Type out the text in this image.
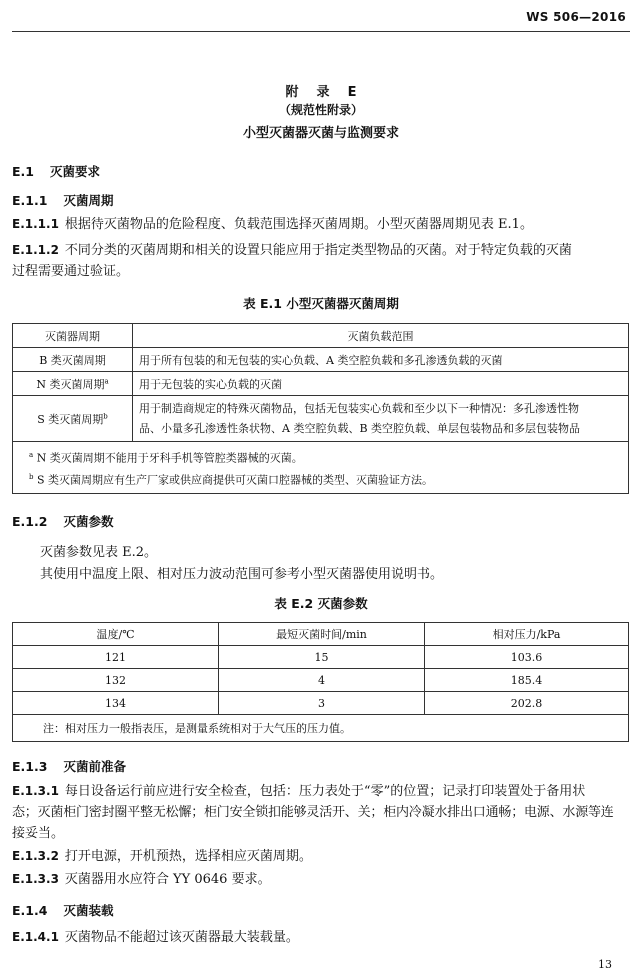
WS 506—2016
附    录    E
（规范性附录）
小型灭菌器灭菌与监测要求
E.1 灭菌要求
E.1.1 灭菌周期
E.1.1.1 根据待灭菌物品的危险程度、负载范围选择灭菌周期。小型灭菌器周期见表 E.1。
E.1.1.2 不同分类的灭菌周期和相关的设置只能应用于指定类型物品的灭菌。对于特定负载的灭菌
过程需要通过验证。
表 E.1 小型灭菌器灭菌周期
灭菌器周期	灭菌负载范围
B 类灭菌周期	用于所有包装的和无包装的实心负载、A 类空腔负载和多孔渗透负载的灭菌
N 类灭菌周期$^a$	用于无包装的实心负载的灭菌
S 类灭菌周期$^b$	用于制造商规定的特殊灭菌物品，包括无包装实心负载和至少以下一种情况：多孔渗透性物
品、小量多孔渗透性条状物、A 类空腔负载、B 类空腔负载、单层包装物品和多层包装物品

$^a$ N 类灭菌周期不能用于牙科手机等管腔类器械的灭菌。
$^b$ S 类灭菌周期应有生产厂家或供应商提供可灭菌口腔器械的类型、灭菌验证方法。	
E.1.2 灭菌参数
灭菌参数见表 E.2。
其使用中温度上限、相对压力波动范围可参考小型灭菌器使用说明书。
表 E.2 灭菌参数
温度/℃	最短灭菌时间/min	相对压力/kPa
121	15	103.6
132	4	185.4
134	3	202.8
注：相对压力一般指表压，是测量系统相对于大气压的压力值。		
E.1.3 灭菌前准备
E.1.3.1 每日设备运行前应进行安全检查，包括：压力表处于“零”的位置；记录打印装置处于备用状
态；灭菌柜门密封圈平整无松懈；柜门安全锁扣能够灵活开、关；柜内冷凝水排出口通畅；电源、水源等连
接妥当。
E.1.3.2 打开电源，开机预热，选择相应灭菌周期。
E.1.3.3 灭菌器用水应符合 YY 0646 要求。
E.1.4 灭菌装载
E.1.4.1 灭菌物品不能超过该灭菌器最大装载量。
13
